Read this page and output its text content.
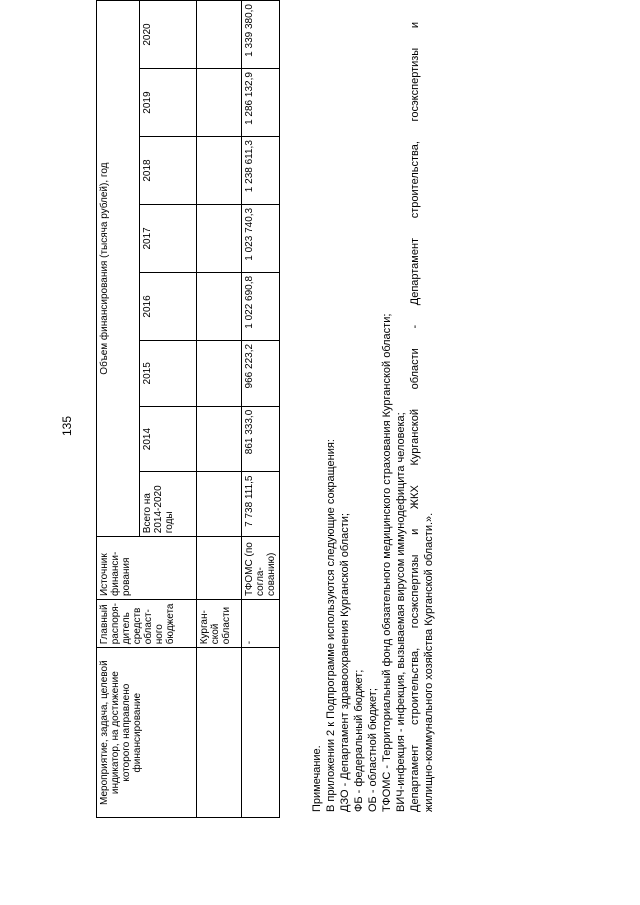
135
Мероприятие, задача, целевой индикатор, на достижение которого направлено финансирование	Главный распоря-дитель средств област-ного бюджета	Источник финанси-рования	Объем финансирования (тысяча рублей), год							
			Всего на 2014-2020 годы	2014	2015	2016	2017	2018	2019	2020
	Курган-ской области									
	-	ТФОМС (по согла-сованию)	7 738 111,5	861 333,0	966 223,2	1 022 690,8	1 023 740,3	1 238 611,3	1 286 132,9	1 339 380,0

Примечание. В приложении 2 к Подпрограмме используются следующие сокращения: ДЗО - Департамент здравоохранения Курганской области; ФБ - федеральный бюджет; ОБ - областной бюджет; ТФОМС - Территориальный фонд обязательного медицинского страхования Курганской области; ВИЧ-инфекция - инфекция, вызываемая вирусом иммунодефицита человека; Департамент строительства, госэкспертизы и ЖКХ Курганской области - Департамент строительства, госэкспертизы и жилищно-коммунального хозяйства Курганской области.».
